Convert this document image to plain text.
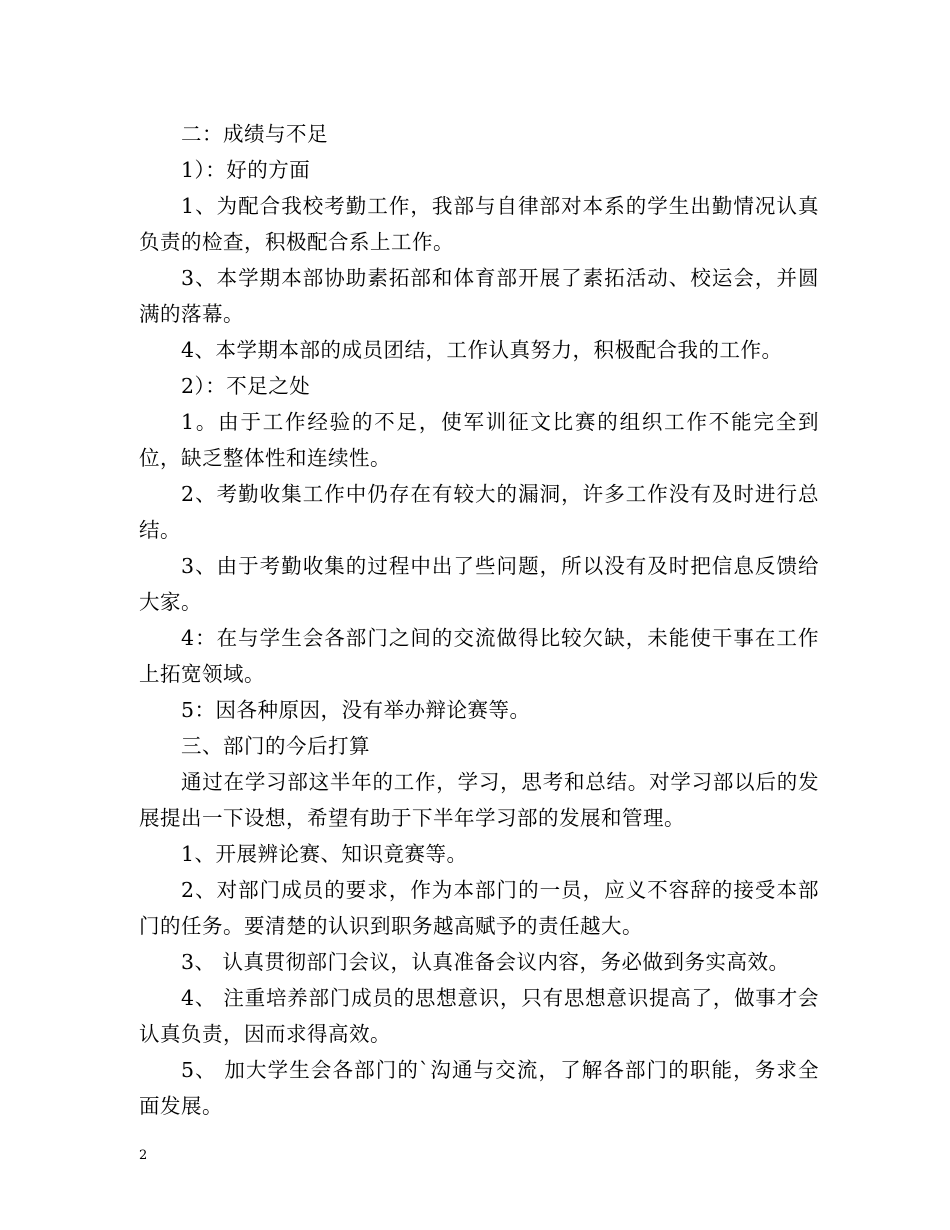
二：成绩与不足

1）：好的方面

1、为配合我校考勤工作，我部与自律部对本系的学生出勤情况认真负责的检查，积极配合系上工作。

3、本学期本部协助素拓部和体育部开展了素拓活动、校运会，并圆满的落幕。

4、本学期本部的成员团结，工作认真努力，积极配合我的工作。

2）：不足之处

1。由于工作经验的不足，使军训征文比赛的组织工作不能完全到位，缺乏整体性和连续性。

2、考勤收集工作中仍存在有较大的漏洞，许多工作没有及时进行总结。

3、由于考勤收集的过程中出了些问题，所以没有及时把信息反馈给大家。

4：在与学生会各部门之间的交流做得比较欠缺，未能使干事在工作上拓宽领域。

5：因各种原因，没有举办辩论赛等。

三、部门的今后打算

通过在学习部这半年的工作，学习，思考和总结。对学习部以后的发展提出一下设想，希望有助于下半年学习部的发展和管理。

1、开展辨论赛、知识竟赛等。

2、对部门成员的要求，作为本部门的一员，应义不容辞的接受本部门的任务。要清楚的认识到职务越高赋予的责任越大。

3、 认真贯彻部门会议，认真准备会议内容，务必做到务实高效。

4、 注重培养部门成员的思想意识，只有思想意识提高了，做事才会认真负责，因而求得高效。

5、 加大学生会各部门的`沟通与交流，了解各部门的职能，务求全面发展。

2
